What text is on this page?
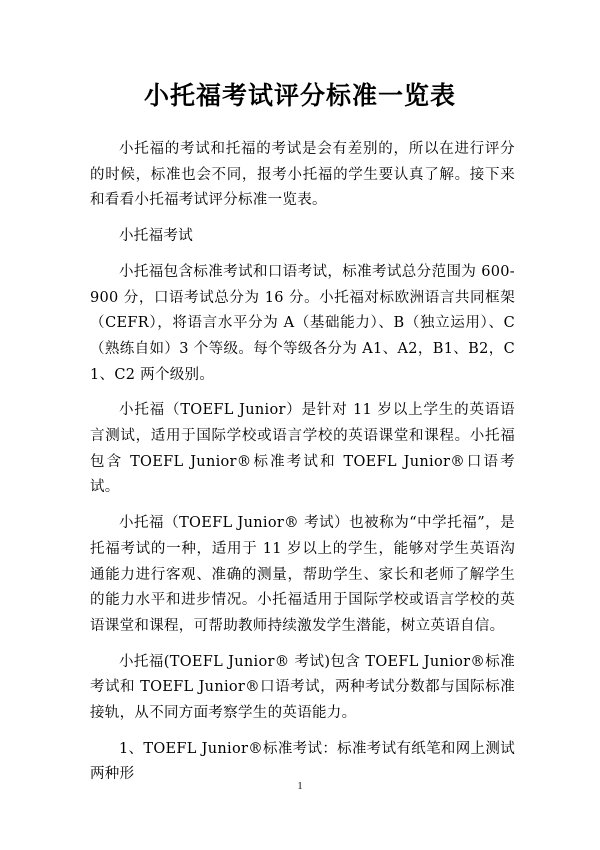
小托福考试评分标准一览表

小托福的考试和托福的考试是会有差别的，所以在进行评分的时候，标准也会不同，报考小托福的学生要认真了解。接下来和看看小托福考试评分标准一览表。

小托福考试

小托福包含标准考试和口语考试，标准考试总分范围为 600-900 分，口语考试总分为 16 分。小托福对标欧洲语言共同框架（CEFR），将语言水平分为 A（基础能力）、B（独立运用）、C（熟练自如）3 个等级。每个等级各分为 A1、A2，B1、B2，C1、C2 两个级别。

小托福（TOEFL Junior）是针对 11 岁以上学生的英语语言测试，适用于国际学校或语言学校的英语课堂和课程。小托福包含 TOEFL Junior®标准考试和 TOEFL Junior®口语考试。

小托福（TOEFL Junior® 考试）也被称为“中学托福”，是托福考试的一种，适用于 11 岁以上的学生，能够对学生英语沟通能力进行客观、准确的测量，帮助学生、家长和老师了解学生的能力水平和进步情况。小托福适用于国际学校或语言学校的英语课堂和课程，可帮助教师持续激发学生潜能，树立英语自信。

小托福(TOEFL Junior® 考试)包含 TOEFL Junior®标准考试和 TOEFL Junior®口语考试，两种考试分数都与国际标准接轨，从不同方面考察学生的英语能力。

1、TOEFL Junior®标准考试：标准考试有纸笔和网上测试两种形

1
